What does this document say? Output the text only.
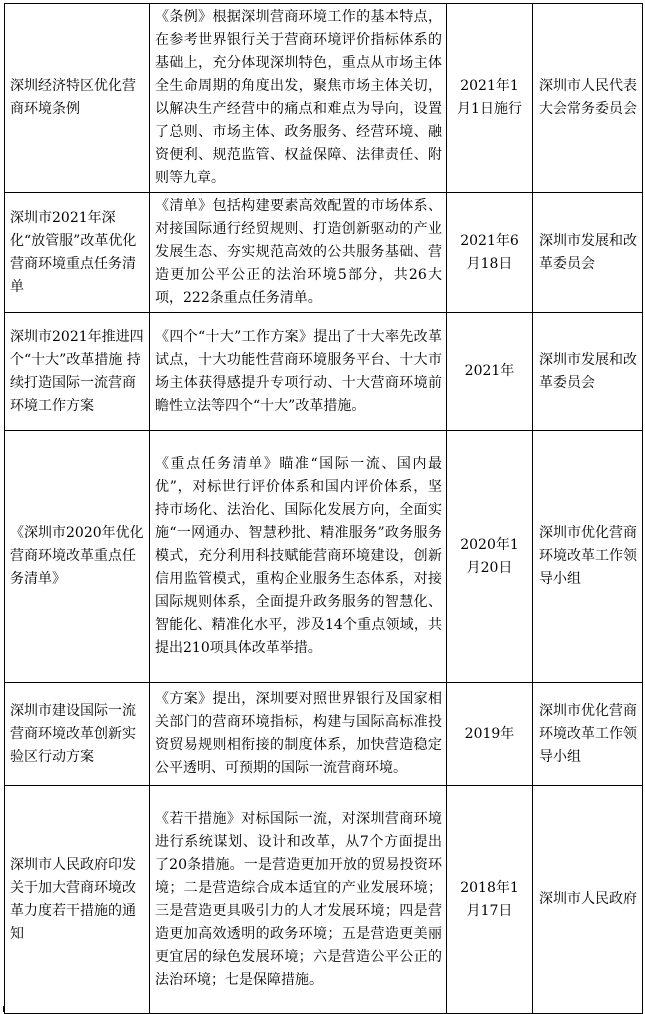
深圳经济特区优化营商环境条例	《条例》根据深圳营商环境工作的基本特点，在参考世界银行关于营商环境评价指标体系的基础上，充分体现深圳特色，重点从市场主体全生命周期的角度出发，聚焦市场主体关切，以解决生产经营中的痛点和难点为导向，设置了总则、市场主体、政务服务、经营环境、融资便利、规范监管、权益保障、法律责任、附则等九章。	2021年1月1日施行	深圳市人民代表大会常务委员会
深圳市2021年深化“放管服”改革优化营商环境重点任务清单	《清单》包括构建要素高效配置的市场体系、对接国际通行经贸规则、打造创新驱动的产业发展生态、夯实规范高效的公共服务基础、营造更加公平公正的法治环境5部分，共26大项，222条重点任务清单。	2021年6月18日	深圳市发展和改革委员会
深圳市2021年推进四个“十大”改革措施 持续打造国际一流营商环境工作方案	《四个“十大”工作方案》提出了十大率先改革试点，十大功能性营商环境服务平台、十大市场主体获得感提升专项行动、十大营商环境前瞻性立法等四个“十大”改革措施。	2021年	深圳市发展和改革委员会
《深圳市2020年优化营商环境改革重点任务清单》	《重点任务清单》瞄准“国际一流、国内最优”，对标世行评价体系和国内评价体系，坚持市场化、法治化、国际化发展方向，全面实施“一网通办、智慧秒批、精准服务”政务服务模式，充分利用科技赋能营商环境建设，创新信用监管模式，重构企业服务生态体系，对接国际规则体系，全面提升政务服务的智慧化、智能化、精准化水平，涉及14个重点领域，共提出210项具体改革举措。	2020年1月20日	深圳市优化营商环境改革工作领导小组
深圳市建设国际一流营商环境改革创新实验区行动方案	《方案》提出，深圳要对照世界银行及国家相关部门的营商环境指标，构建与国际高标准投资贸易规则相衔接的制度体系，加快营造稳定公平透明、可预期的国际一流营商环境。	2019年	深圳市优化营商环境改革工作领导小组
深圳市人民政府印发关于加大营商环境改革力度若干措施的通知	《若干措施》对标国际一流，对深圳营商环境进行系统谋划、设计和改革，从7个方面提出了20条措施。一是营造更加开放的贸易投资环境；二是营造综合成本适宜的产业发展环境；三是营造更具吸引力的人才发展环境；四是营造更加高效透明的政务环境；五是营造更美丽更宜居的绿色发展环境；六是营造公平公正的法治环境；七是保障措施。	2018年1月17日	深圳市人民政府
